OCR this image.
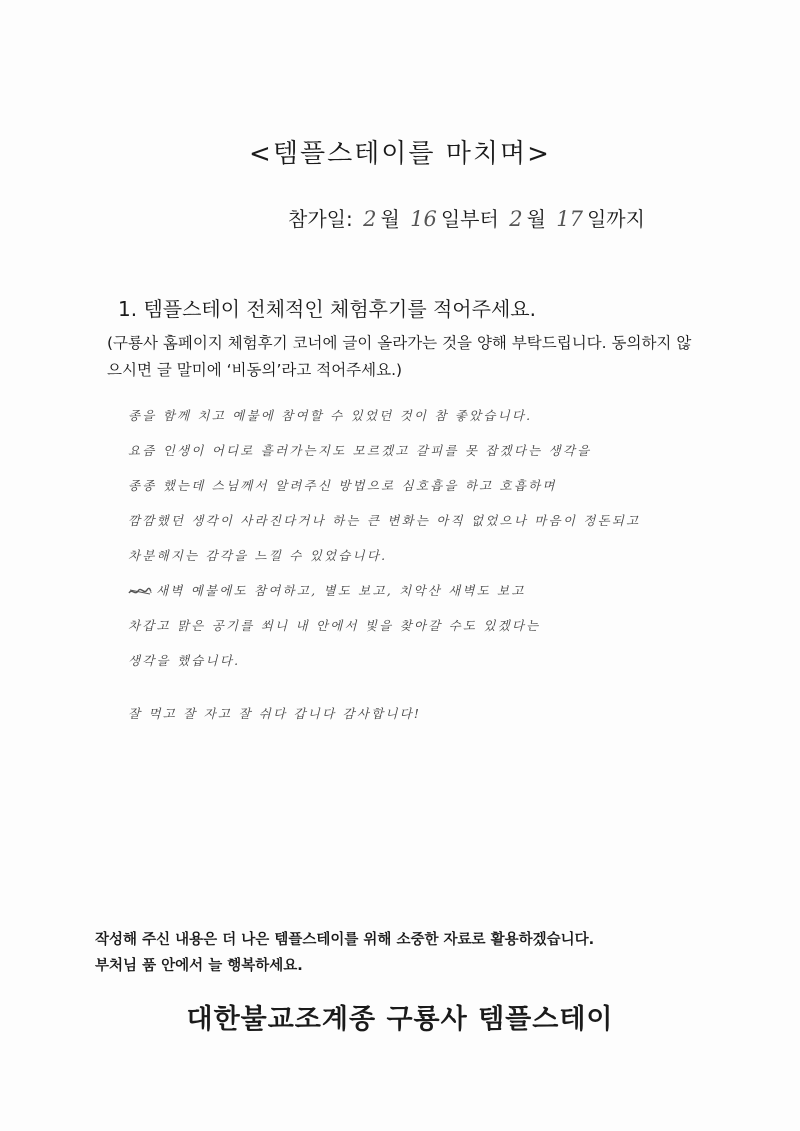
<템플스테이를 마치며>
참가일: 2 월 16 일부터 2 월 17 일까지
1. 템플스테이 전체적인 체험후기를 적어주세요.
(구룡사 홈페이지 체험후기 코너에 글이 올라가는 것을 양해 부탁드립니다. 동의하지 않으시면 글 말미에 ‘비동의’라고 적어주세요.)
종을 함께 치고 예불에 참여할 수 있었던 것이 참 좋았습니다.
요즘 인생이 어디로 흘러가는지도 모르겠고 갈피를 못 잡겠다는 생각을
종종 했는데 스님께서 알려주신 방법으로 심호흡을 하고 호흡하며
깜깜했던 생각이 사라진다거나 하는 큰 변화는 아직 없었으나 마음이 정돈되고
차분해지는 감각을 느낄 수 있었습니다.
새벽 예불에도 참여하고, 별도 보고, 치악산 새벽도 보고
차갑고 맑은 공기를 쐬니 내 안에서 빛을 찾아갈 수도 있겠다는
생각을 했습니다.
잘 먹고 잘 자고 잘 쉬다 갑니다 감사합니다!
작성해 주신 내용은 더 나은 템플스테이를 위해 소중한 자료로 활용하겠습니다.
부처님 품 안에서 늘 행복하세요.
대한불교조계종 구룡사 템플스테이
